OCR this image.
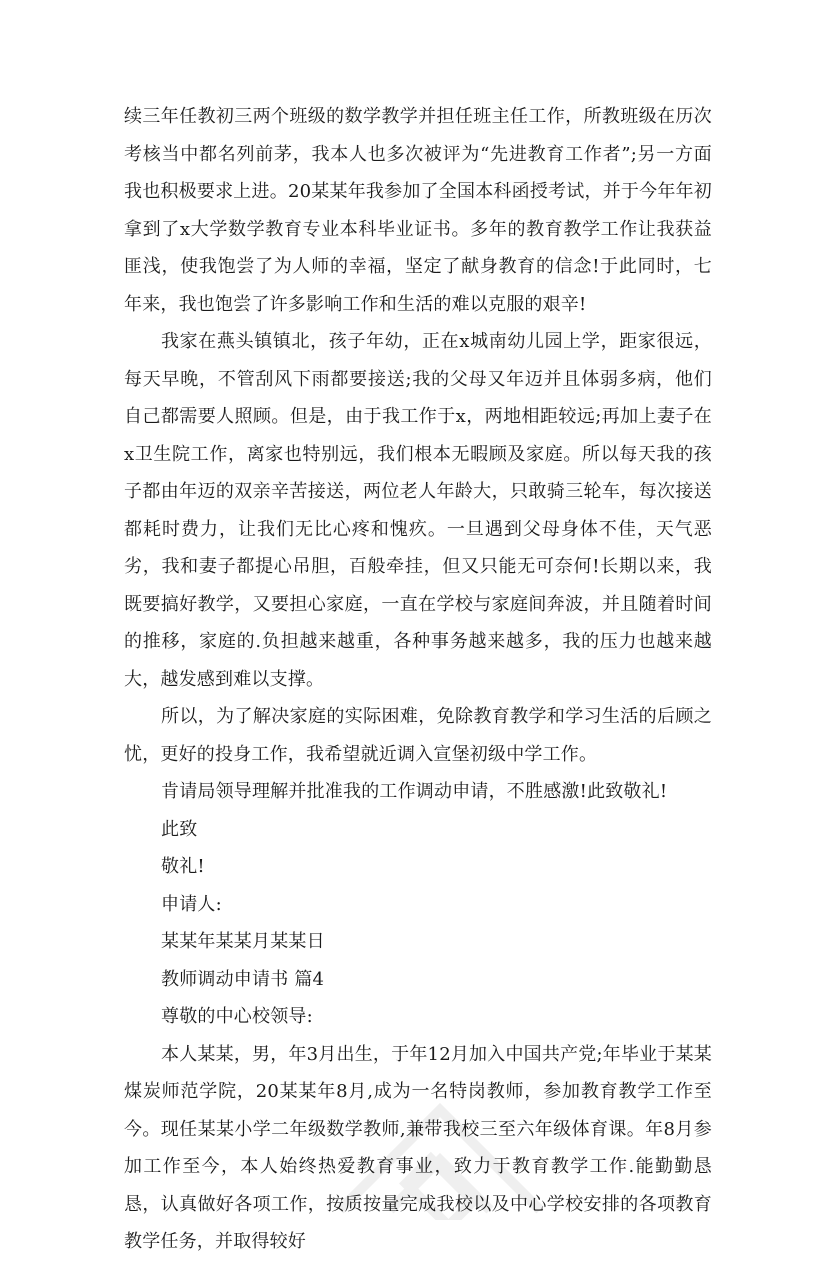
续三年任教初三两个班级的数学教学并担任班主任工作，所教班级在历次考核当中都名列前茅，我本人也多次被评为“先进教育工作者”;另一方面我也积极要求上进。20某某年我参加了全国本科函授考试，并于今年年初拿到了x大学数学教育专业本科毕业证书。多年的教育教学工作让我获益匪浅，使我饱尝了为人师的幸福，坚定了献身教育的信念!于此同时，七年来，我也饱尝了许多影响工作和生活的难以克服的艰辛!

我家在燕头镇镇北，孩子年幼，正在x城南幼儿园上学，距家很远，每天早晚，不管刮风下雨都要接送;我的父母又年迈并且体弱多病，他们自己都需要人照顾。但是，由于我工作于x，两地相距较远;再加上妻子在x卫生院工作，离家也特别远，我们根本无暇顾及家庭。所以每天我的孩子都由年迈的双亲辛苦接送，两位老人年龄大，只敢骑三轮车，每次接送都耗时费力，让我们无比心疼和愧疚。一旦遇到父母身体不佳，天气恶劣，我和妻子都提心吊胆，百般牵挂，但又只能无可奈何!长期以来，我既要搞好教学，又要担心家庭，一直在学校与家庭间奔波，并且随着时间的推移，家庭的.负担越来越重，各种事务越来越多，我的压力也越来越大，越发感到难以支撑。

所以，为了解决家庭的实际困难，免除教育教学和学习生活的后顾之忧，更好的投身工作，我希望就近调入宣堡初级中学工作。

肯请局领导理解并批准我的工作调动申请，不胜感激!此致敬礼!

此致

敬礼!

申请人:

某某年某某月某某日

教师调动申请书 篇4

尊敬的中心校领导:

本人某某，男，年3月出生，于年12月加入中国共产党;年毕业于某某煤炭师范学院，20某某年8月,成为一名特岗教师，参加教育教学工作至今。现任某某小学二年级数学教师,兼带我校三至六年级体育课。年8月参加工作至今，本人始终热爱教育事业，致力于教育教学工作.能勤勤恳恳，认真做好各项工作，按质按量完成我校以及中心学校安排的各项教育教学任务，并取得较好
